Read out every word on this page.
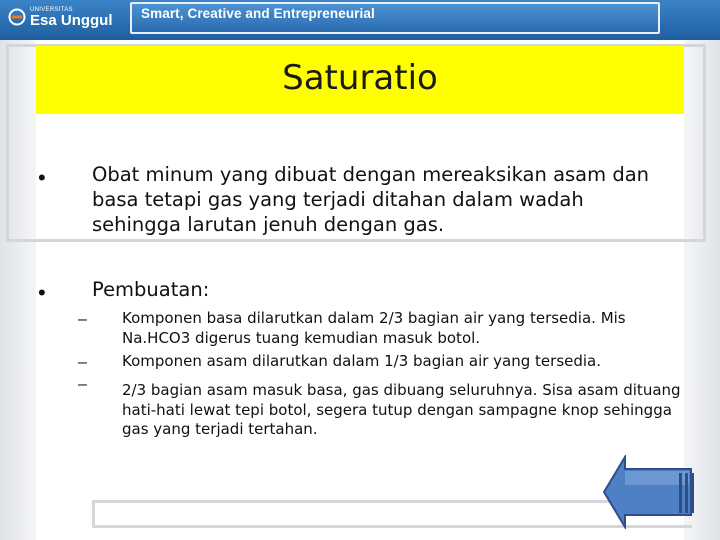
UNIVERSITAS
Esa Unggul Smart, Creative and Entrepreneurial
Saturatio
• Obat minum yang dibuat dengan mereaksikan asam dan basa tetapi gas yang terjadi ditahan dalam wadah sehingga larutan jenuh dengan gas.
• Pembuatan:
– Komponen basa dilarutkan dalam 2/3 bagian air yang tersedia. Mis Na.HCO3 digerus tuang kemudian masuk botol.
– Komponen asam dilarutkan dalam 1/3 bagian air yang tersedia.
– 2/3 bagian asam masuk basa, gas dibuang seluruhnya. Sisa asam dituang hati-hati lewat tepi botol, segera tutup dengan sampagne knop sehingga gas yang terjadi tertahan.
